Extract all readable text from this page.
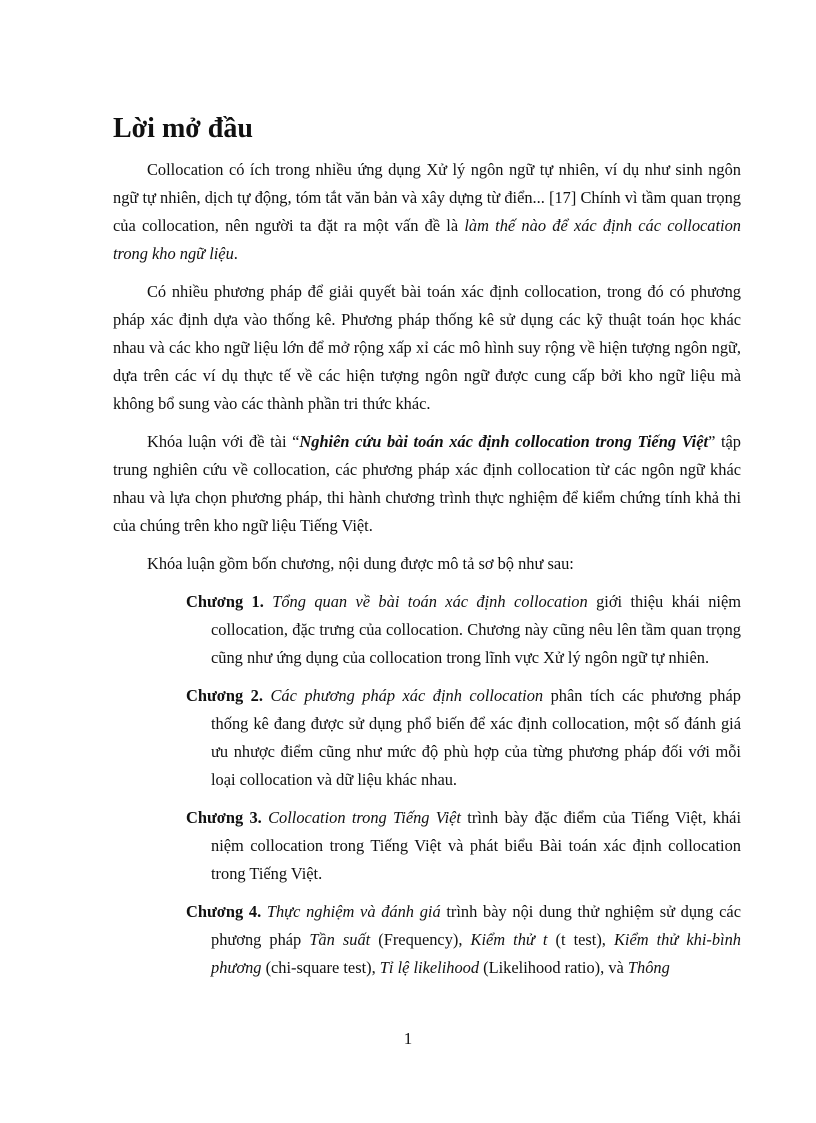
Lời mở đầu

Collocation có ích trong nhiều ứng dụng Xử lý ngôn ngữ tự nhiên, ví dụ như sinh ngôn ngữ tự nhiên, dịch tự động, tóm tắt văn bản và xây dựng từ điển... [17] Chính vì tầm quan trọng của collocation, nên người ta đặt ra một vấn đề là làm thế nào để xác định các collocation trong kho ngữ liệu.

Có nhiều phương pháp để giải quyết bài toán xác định collocation, trong đó có phương pháp xác định dựa vào thống kê. Phương pháp thống kê sử dụng các kỹ thuật toán học khác nhau và các kho ngữ liệu lớn để mở rộng xấp xỉ các mô hình suy rộng về hiện tượng ngôn ngữ, dựa trên các ví dụ thực tế về các hiện tượng ngôn ngữ được cung cấp bởi kho ngữ liệu mà không bổ sung vào các thành phần tri thức khác.

Khóa luận với đề tài “Nghiên cứu bài toán xác định collocation trong Tiếng Việt” tập trung nghiên cứu về collocation, các phương pháp xác định collocation từ các ngôn ngữ khác nhau và lựa chọn phương pháp, thi hành chương trình thực nghiệm để kiểm chứng tính khả thi của chúng trên kho ngữ liệu Tiếng Việt.

Khóa luận gồm bốn chương, nội dung được mô tả sơ bộ như sau:

Chương 1. Tổng quan về bài toán xác định collocation giới thiệu khái niệm collocation, đặc trưng của collocation. Chương này cũng nêu lên tầm quan trọng cũng như ứng dụng của collocation trong lĩnh vực Xử lý ngôn ngữ tự nhiên.
Chương 2. Các phương pháp xác định collocation phân tích các phương pháp thống kê đang được sử dụng phổ biến để xác định collocation, một số đánh giá ưu nhược điểm cũng như mức độ phù hợp của từng phương pháp đối với mỗi loại collocation và dữ liệu khác nhau.
Chương 3. Collocation trong Tiếng Việt trình bày đặc điểm của Tiếng Việt, khái niệm collocation trong Tiếng Việt và phát biểu Bài toán xác định collocation trong Tiếng Việt.
Chương 4. Thực nghiệm và đánh giá trình bày nội dung thử nghiệm sử dụng các phương pháp Tần suất (Frequency), Kiểm thử t (t test), Kiểm thử khi-bình phương (chi-square test), Tỉ lệ likelihood (Likelihood ratio), và Thông
1
